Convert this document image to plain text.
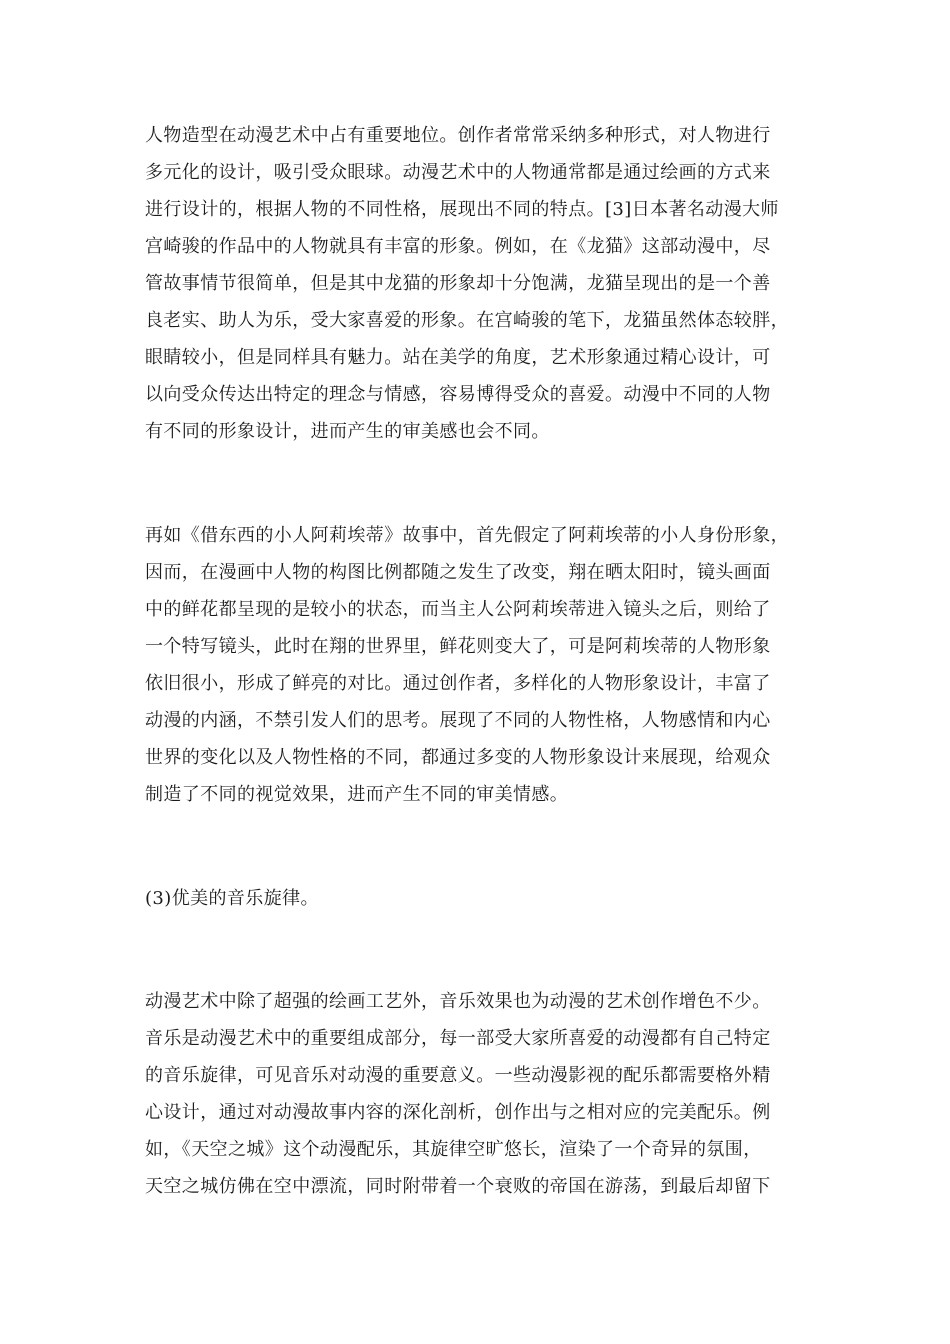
人物造型在动漫艺术中占有重要地位。创作者常常采纳多种形式，对人物进行
多元化的设计，吸引受众眼球。动漫艺术中的人物通常都是通过绘画的方式来
进行设计的，根据人物的不同性格，展现出不同的特点。[3]日本著名动漫大师
宫崎骏的作品中的人物就具有丰富的形象。例如，在《龙猫》这部动漫中，尽
管故事情节很简单，但是其中龙猫的形象却十分饱满，龙猫呈现出的是一个善
良老实、助人为乐，受大家喜爱的形象。在宫崎骏的笔下，龙猫虽然体态较胖，
眼睛较小，但是同样具有魅力。站在美学的角度，艺术形象通过精心设计，可
以向受众传达出特定的理念与情感，容易博得受众的喜爱。动漫中不同的人物
有不同的形象设计，进而产生的审美感也会不同。
再如《借东西的小人阿莉埃蒂》故事中，首先假定了阿莉埃蒂的小人身份形象，
因而，在漫画中人物的构图比例都随之发生了改变，翔在晒太阳时，镜头画面
中的鲜花都呈现的是较小的状态，而当主人公阿莉埃蒂进入镜头之后，则给了
一个特写镜头，此时在翔的世界里，鲜花则变大了，可是阿莉埃蒂的人物形象
依旧很小，形成了鲜亮的对比。通过创作者，多样化的人物形象设计，丰富了
动漫的内涵，不禁引发人们的思考。展现了不同的人物性格，人物感情和内心
世界的变化以及人物性格的不同，都通过多变的人物形象设计来展现，给观众
制造了不同的视觉效果，进而产生不同的审美情感。
(3)优美的音乐旋律。
动漫艺术中除了超强的绘画工艺外，音乐效果也为动漫的艺术创作增色不少。
音乐是动漫艺术中的重要组成部分，每一部受大家所喜爱的动漫都有自己特定
的音乐旋律，可见音乐对动漫的重要意义。一些动漫影视的配乐都需要格外精
心设计，通过对动漫故事内容的深化剖析，创作出与之相对应的完美配乐。例
如，《天空之城》这个动漫配乐，其旋律空旷悠长，渲染了一个奇异的氛围，
天空之城仿佛在空中漂流，同时附带着一个衰败的帝国在游荡，到最后却留下
